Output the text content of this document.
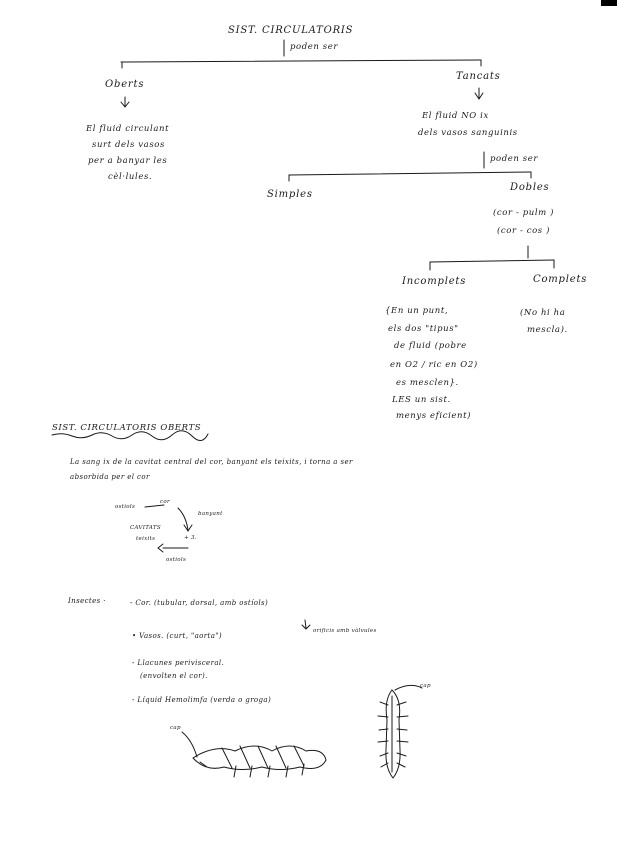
SIST. CIRCULATORIS
poden ser
Oberts
El fluid circulant
surt dels vasos
per a banyar les
cèl·lules.
Tancats
El fluid NO ix
dels vasos sanguinis
poden ser
Simples
Dobles
(cor - pulm )
(cor - cos )
Incomplets	Complets
{En un punt,
els dos "tipus"
de fluid (pobre
en O2 / ric en O2)
es mesclen}.
LES un sist.
menys eficient)
(No hi ha
mescla).
SIST. CIRCULATORIS OBERTS
La sang ix de la cavitat central del cor, banyant els teixits, i torna a ser
absorbida per el cor
cor
ostiols
banyant
CAVITATS
teixits	+ 3.
ostiols
Insectes ·	- Cor. (tubular, dorsal, amb ostíols)
orificis amb vàlvules
• Vasos. (curt, "aorta")
- Llacunes perivisceral.
(envolten el cor).
- Líquid Hemolimfa (verda o groga)
cap
cap
